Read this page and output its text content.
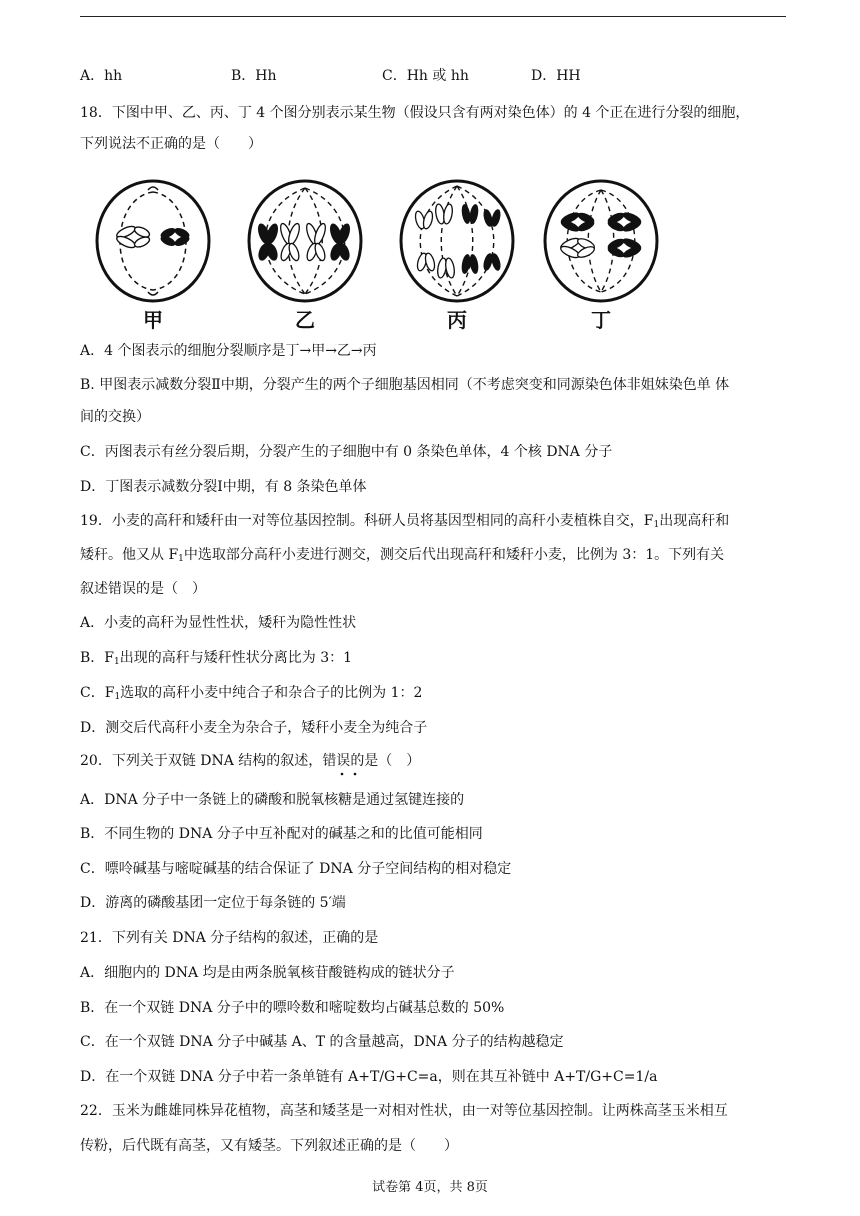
A．hh	B．Hh	C．Hh 或 hh	D．HH
18．下图中甲、乙、丙、丁 4 个图分别表示某生物（假设只含有两对染色体）的 4 个正在进行分裂的细胞，
下列说法不正确的是（　　）
甲	乙	丙	丁
A．4 个图表示的细胞分裂顺序是丁→甲→乙→丙
B. 甲图表示减数分裂Ⅱ中期，分裂产生的两个子细胞基因相同（不考虑突变和同源染色体非姐妹染色单 体
间的交换）
C．丙图表示有丝分裂后期，分裂产生的子细胞中有 0 条染色单体，4 个核 DNA 分子
D．丁图表示减数分裂Ⅰ中期，有 8 条染色单体
19．小麦的高秆和矮秆由一对等位基因控制。科研人员将基因型相同的高秆小麦植株自交，$F_1$出现高秆和
矮秆。他又从 $F_1$中选取部分高秆小麦进行测交，测交后代出现高秆和矮秆小麦，比例为 3：1。下列有关
叙述错误的是（　）
A．小麦的高秆为显性性状，矮秆为隐性性状
B．$F_1$出现的高秆与矮秆性状分离比为 3：1
C．$F_1$选取的高秆小麦中纯合子和杂合子的比例为 1：2
D．测交后代高秆小麦全为杂合子，矮秆小麦全为纯合子
20．下列关于双链 DNA 结构的叙述，错误的是（　）
A．DNA 分子中一条链上的磷酸和脱氧核糖是通过氢键连接的
B．不同生物的 DNA 分子中互补配对的碱基之和的比值可能相同
C．嘌呤碱基与嘧啶碱基的结合保证了 DNA 分子空间结构的相对稳定
D．游离的磷酸基团一定位于每条链的 5′端
21．下列有关 DNA 分子结构的叙述，正确的是
A．细胞内的 DNA 均是由两条脱氧核苷酸链构成的链状分子
B．在一个双链 DNA 分子中的嘌呤数和嘧啶数均占碱基总数的 50%
C．在一个双链 DNA 分子中碱基 A、T 的含量越高，DNA 分子的结构越稳定
D．在一个双链 DNA 分子中若一条单链有 A+T/G+C=a，则在其互补链中 A+T/G+C=1/a
22．玉米为雌雄同株异花植物，高茎和矮茎是一对相对性状，由一对等位基因控制。让两株高茎玉米相互
传粉，后代既有高茎，又有矮茎。下列叙述正确的是（　　）
试卷第 4页，共 8页
